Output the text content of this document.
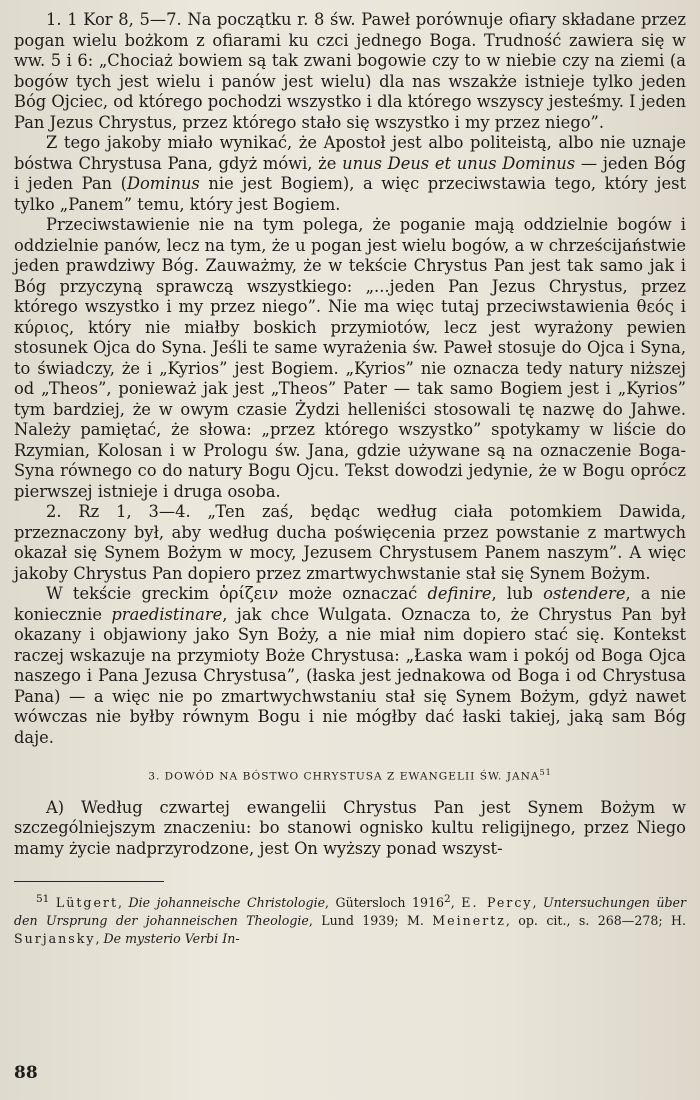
1. 1 Kor 8, 5—7. Na początku r. 8 św. Paweł porównuje ofiary składane przez pogan wielu bożkom z ofiarami ku czci jednego Boga. Trudność zawiera się w ww. 5 i 6: „Chociaż bowiem są tak zwani bogowie czy to w niebie czy na ziemi (a bogów tych jest wielu i panów jest wielu) dla nas wszakże istnieje tylko jeden Bóg Ojciec, od którego pochodzi wszystko i dla którego wszyscy jesteśmy. I jeden Pan Jezus Chrystus, przez którego stało się wszystko i my przez niego”.

Z tego jakoby miało wynikać, że Apostoł jest albo politeistą, albo nie uznaje bóstwa Chrystusa Pana, gdyż mówi, że unus Deus et unus Dominus — jeden Bóg i jeden Pan (Dominus nie jest Bogiem), a więc przeciwstawia tego, który jest tylko „Panem” temu, który jest Bogiem.

Przeciwstawienie nie na tym polega, że poganie mają oddzielnie bogów i oddzielnie panów, lecz na tym, że u pogan jest wielu bogów, a w chrześcijaństwie jeden prawdziwy Bóg. Zauważmy, że w tekście Chrystus Pan jest tak samo jak i Bóg przyczyną sprawczą wszystkiego: „...jeden Pan Jezus Chrystus, przez którego wszystko i my przez niego”. Nie ma więc tutaj przeciwstawienia θεός i κύριος, który nie miałby boskich przymiotów, lecz jest wyrażony pewien stosunek Ojca do Syna. Jeśli te same wyrażenia św. Paweł stosuje do Ojca i Syna, to świadczy, że i „Kyrios” jest Bogiem. „Kyrios” nie oznacza tedy natury niższej od „Theos”, ponieważ jak jest „Theos” Pater — tak samo Bogiem jest i „Kyrios” tym bardziej, że w owym czasie Żydzi helleniści stosowali tę nazwę do Jahwe. Należy pamiętać, że słowa: „przez którego wszystko” spotykamy w liście do Rzymian, Kolosan i w Prologu św. Jana, gdzie używane są na oznaczenie Boga-Syna równego co do natury Bogu Ojcu. Tekst dowodzi jedynie, że w Bogu oprócz pierwszej istnieje i druga osoba.

2. Rz 1, 3—4. „Ten zaś, będąc według ciała potomkiem Dawida, przeznaczony był, aby według ducha poświęcenia przez powstanie z martwych okazał się Synem Bożym w mocy, Jezusem Chrystusem Panem naszym”. A więc jakoby Chrystus Pan dopiero przez zmartwychwstanie stał się Synem Bożym.

W tekście greckim ὁρίζειν może oznaczać definire, lub ostendere, a nie koniecznie praedistinare, jak chce Wulgata. Oznacza to, że Chrystus Pan był okazany i objawiony jako Syn Boży, a nie miał nim dopiero stać się. Kontekst raczej wskazuje na przymioty Boże Chrystusa: „Łaska wam i pokój od Boga Ojca naszego i Pana Jezusa Chrystusa”, (łaska jest jednakowa od Boga i od Chrystusa Pana) — a więc nie po zmartwychwstaniu stał się Synem Bożym, gdyż nawet wówczas nie byłby równym Bogu i nie mógłby dać łaski takiej, jaką sam Bóg daje.

3. DOWÓD NA BÓSTWO CHRYSTUSA Z EWANGELII ŚW. JANA$^{51}$

A) Według czwartej ewangelii Chrystus Pan jest Synem Bożym w szczególniejszym znaczeniu: bo stanowi ognisko kultu religijnego, przez Niego mamy życie nadprzyrodzone, jest On wyższy ponad wszyst-

$^{51}$ Lütgert, Die johanneische Christologie, Gütersloch 1916$^2$, E. Percy, Untersuchungen über den Ursprung der johanneischen Theologie, Lund 1939; M. Meinertz, op. cit., s. 268—278; H. Surjansky, De mysterio Verbi In-

88
